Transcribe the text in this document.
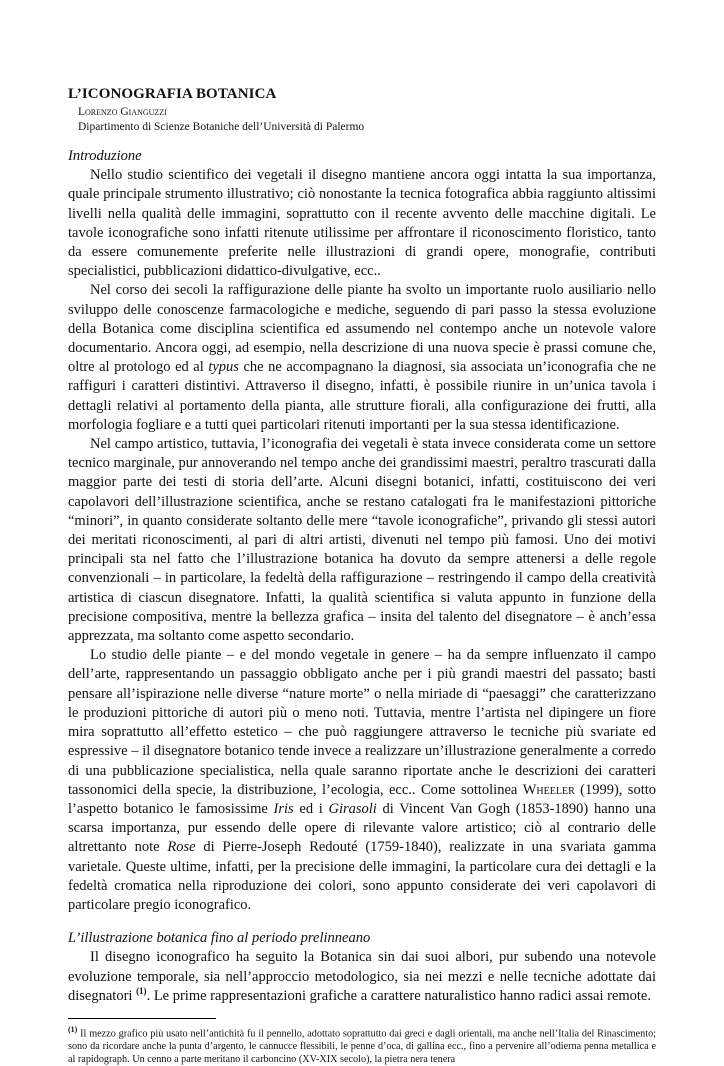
L’ICONOGRAFIA BOTANICA
Lorenzo Gianguzzi
Dipartimento di Scienze Botaniche dell’Università di Palermo
Introduzione

Nello studio scientifico dei vegetali il disegno mantiene ancora oggi intatta la sua importanza, quale principale strumento illustrativo; ciò nonostante la tecnica fotografica abbia raggiunto altissimi livelli nella qualità delle immagini, soprattutto con il recente avvento delle macchine digitali. Le tavole iconografiche sono infatti ritenute utilissime per affrontare il riconoscimento floristico, tanto da essere comunemente preferite nelle illustrazioni di grandi opere, monografie, contributi specialistici, pubblicazioni didattico-divulgative, ecc..

Nel corso dei secoli la raffigurazione delle piante ha svolto un importante ruolo ausiliario nello sviluppo delle conoscenze farmacologiche e mediche, seguendo di pari passo la stessa evoluzione della Botanica come disciplina scientifica ed assumendo nel contempo anche un notevole valore documentario. Ancora oggi, ad esempio, nella descrizione di una nuova specie è prassi comune che, oltre al protologo ed al typus che ne accompagnano la diagnosi, sia associata un’iconografia che ne raffiguri i caratteri distintivi. Attraverso il disegno, infatti, è possibile riunire in un’unica tavola i dettagli relativi al portamento della pianta, alle strutture fiorali, alla configurazione dei frutti, alla morfologia fogliare e a tutti quei particolari ritenuti importanti per la sua stessa identificazione.

Nel campo artistico, tuttavia, l’iconografia dei vegetali è stata invece considerata come un settore tecnico marginale, pur annoverando nel tempo anche dei grandissimi maestri, peraltro trascurati dalla maggior parte dei testi di storia dell’arte. Alcuni disegni botanici, infatti, costituiscono dei veri capolavori dell’illustrazione scientifica, anche se restano catalogati fra le manifestazioni pittoriche “minori”, in quanto considerate soltanto delle mere “tavole iconografiche”, privando gli stessi autori dei meritati riconoscimenti, al pari di altri artisti, divenuti nel tempo più famosi. Uno dei motivi principali sta nel fatto che l’illustrazione botanica ha dovuto da sempre attenersi a delle regole convenzionali – in particolare, la fedeltà della raffigurazione – restringendo il campo della creatività artistica di ciascun disegnatore. Infatti, la qualità scientifica si valuta appunto in funzione della precisione compositiva, mentre la bellezza grafica – insita del talento del disegnatore – è anch’essa apprezzata, ma soltanto come aspetto secondario.

Lo studio delle piante – e del mondo vegetale in genere – ha da sempre influenzato il campo dell’arte, rappresentando un passaggio obbligato anche per i più grandi maestri del passato; basti pensare all’ispirazione nelle diverse “nature morte” o nella miriade di “paesaggi” che caratterizzano le produzioni pittoriche di autori più o meno noti. Tuttavia, mentre l’artista nel dipingere un fiore mira soprattutto all’effetto estetico – che può raggiungere attraverso le tecniche più svariate ed espressive – il disegnatore botanico tende invece a realizzare un’illustrazione generalmente a corredo di una pubblicazione specialistica, nella quale saranno riportate anche le descrizioni dei caratteri tassonomici della specie, la distribuzione, l’ecologia, ecc.. Come sottolinea Wheeler (1999), sotto l’aspetto botanico le famosissime Iris ed i Girasoli di Vincent Van Gogh (1853-1890) hanno una scarsa importanza, pur essendo delle opere di rilevante valore artistico; ciò al contrario delle altrettanto note Rose di Pierre-Joseph Redouté (1759-1840), realizzate in una svariata gamma varietale. Queste ultime, infatti, per la precisione delle immagini, la particolare cura dei dettagli e la fedeltà cromatica nella riproduzione dei colori, sono appunto considerate dei veri capolavori di particolare pregio iconografico.

L’illustrazione botanica fino al periodo prelinneano

Il disegno iconografico ha seguito la Botanica sin dai suoi albori, pur subendo una notevole evoluzione temporale, sia nell’approccio metodologico, sia nei mezzi e nelle tecniche adottate dai disegnatori $^{(1)}$. Le prime rappresentazioni grafiche a carattere naturalistico hanno radici assai remote.

$^{(1)}$ Il mezzo grafico più usato nell’antichità fu il pennello, adottato soprattutto dai greci e dagli orientali, ma anche nell’Italia del Rinascimento; sono da ricordare anche la punta d’argento, le cannucce flessibili, le penne d’oca, di gallina ecc., fino a pervenire all’odierna penna metallica e al rapidograph. Un cenno a parte meritano il carboncino (XV-XIX secolo), la pietra nera tenera
